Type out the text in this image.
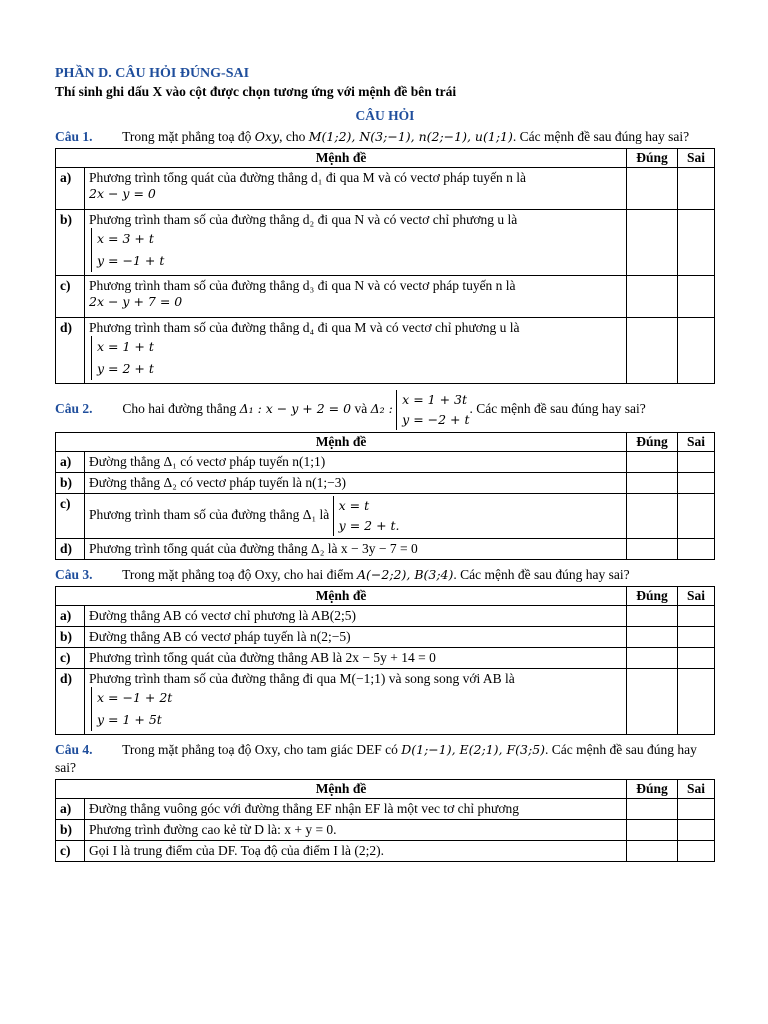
PHẦN D. CÂU HỎI ĐÚNG-SAI
Thí sinh ghi dấu X vào cột được chọn tương ứng với mệnh đề bên trái
CÂU HỎI
Câu 1. Trong mặt phẳng toạ độ Oxy, cho M(1;2), N(3;−1), n(2;−1), u(1;1). Các mệnh đề sau đúng hay sai?
Mệnh đề		Đúng	Sai
a)	Phương trình tổng quát của đường thẳng d₁ đi qua M và có vectơ pháp tuyến n là
2x − y = 0		

b)	Phương trình tham số của đường thẳng d₂ đi qua N và có vectơ chỉ phương u là
x = 3 + t
y = −1 + t		

c)	Phương trình tham số của đường thẳng d₃ đi qua N và có vectơ pháp tuyến n là
2x − y + 7 = 0		

d)	Phương trình tham số của đường thẳng d₄ đi qua M và có vectơ chỉ phương u là
x = 1 + t
y = 2 + t		

Câu 2. Cho hai đường thẳng Δ₁ : x − y + 2 = 0 và Δ₂ :
x = 1 + 3t
y = −2 + t
. Các mệnh đề sau đúng hay sai?
Mệnh đề		Đúng	Sai
a)	Đường thẳng Δ₁ có vectơ pháp tuyến n(1;1)		
b)	Đường thẳng Δ₂ có vectơ pháp tuyến là n(1;−3)		
c)	Phương trình tham số của đường thẳng Δ₁ là
x = t
y = 2 + t.		

d)	Phương trình tổng quát của đường thẳng Δ₂ là x − 3y − 7 = 0		
Câu 3. Trong mặt phẳng toạ độ Oxy, cho hai điểm A(−2;2), B(3;4). Các mệnh đề sau đúng hay sai?
Mệnh đề		Đúng	Sai
a)	Đường thẳng AB có vectơ chỉ phương là AB(2;5)		
b)	Đường thẳng AB có vectơ pháp tuyến là n(2;−5)		
c)	Phương trình tổng quát của đường thẳng AB là 2x − 5y + 14 = 0		
d)	Phương trình tham số của đường thẳng đi qua M(−1;1) và song song với AB là
x = −1 + 2t
y = 1 + 5t		

Câu 4. Trong mặt phẳng toạ độ Oxy, cho tam giác DEF có D(1;−1), E(2;1), F(3;5). Các mệnh đề sau đúng hay sai?
Mệnh đề		Đúng	Sai
a)	Đường thẳng vuông góc với đường thẳng EF nhận EF là một vec tơ chỉ phương		
b)	Phương trình đường cao kẻ từ D là: x + y = 0.		
c)	Gọi I là trung điểm của DF. Toạ độ của điểm I là (2;2).		
